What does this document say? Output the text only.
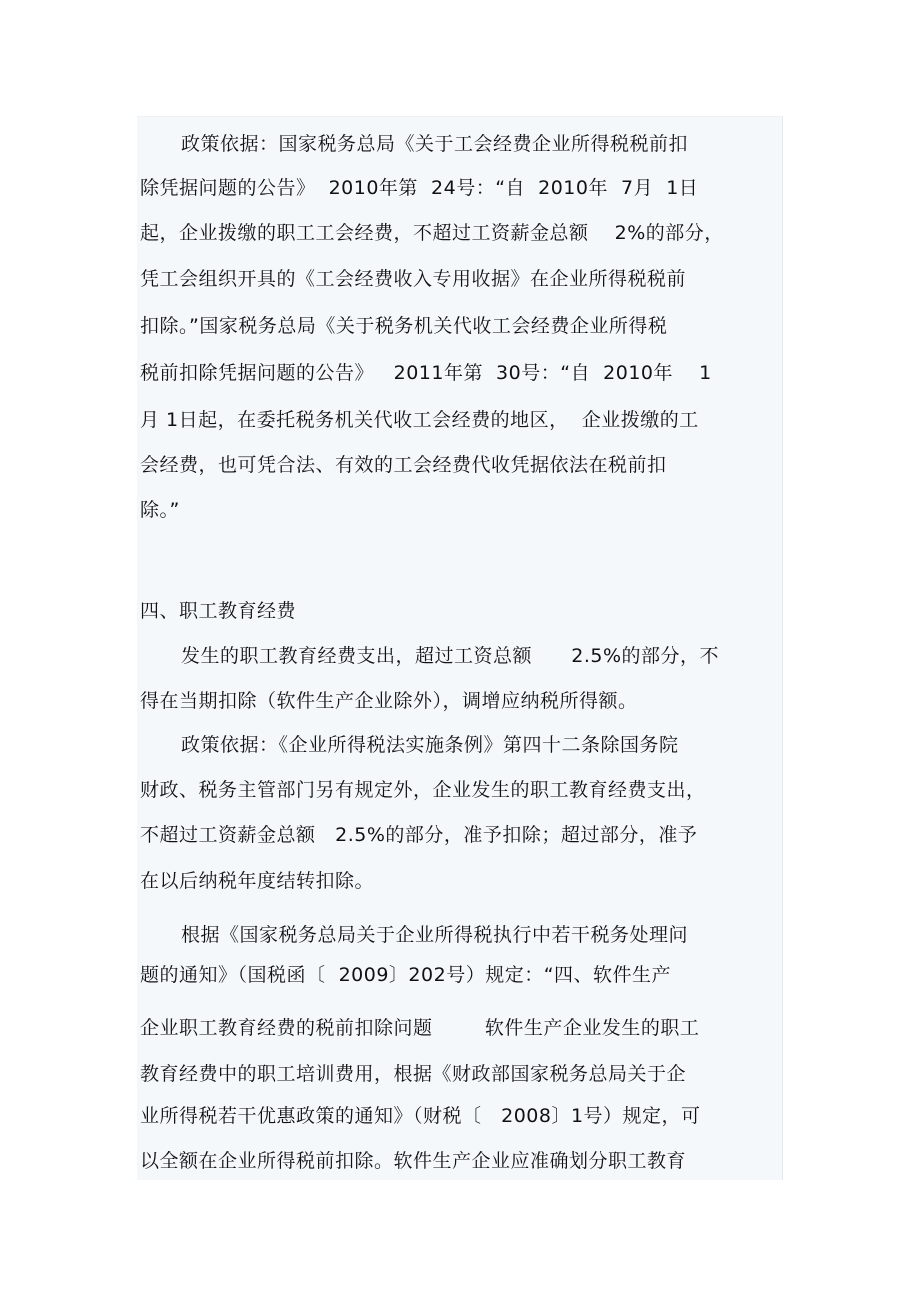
政策依据：国家税务总局《关于工会经费企业所得税税前扣
除凭据问题的公告》  2010年第  24号：“自  2010年  7月  1日
起，企业拨缴的职工工会经费，不超过工资薪金总额    2%的部分，
凭工会组织开具的《工会经费收入专用收据》在企业所得税税前
扣除。”国家税务总局《关于税务机关代收工会经费企业所得税
税前扣除凭据问题的公告》   2011年第  30号：“自  2010年    1
月 1日起，在委托税务机关代收工会经费的地区，  企业拨缴的工
会经费，也可凭合法、有效的工会经费代收凭据依法在税前扣
除。”
四、职工教育经费
发生的职工教育经费支出，超过工资总额      2.5%的部分，不
得在当期扣除（软件生产企业除外），调增应纳税所得额。
政策依据：《企业所得税法实施条例》第四十二条除国务院
财政、税务主管部门另有规定外，企业发生的职工教育经费支出，
不超过工资薪金总额   2.5%的部分，准予扣除；超过部分，准予
在以后纳税年度结转扣除。
根据《国家税务总局关于企业所得税执行中若干税务处理问
题的通知》（国税函〔  2009〕202号）规定：“四、软件生产
企业职工教育经费的税前扣除问题        软件生产企业发生的职工
教育经费中的职工培训费用，根据《财政部国家税务总局关于企
业所得税若干优惠政策的通知》（财税〔   2008〕1号）规定，可
以全额在企业所得税前扣除。软件生产企业应准确划分职工教育
